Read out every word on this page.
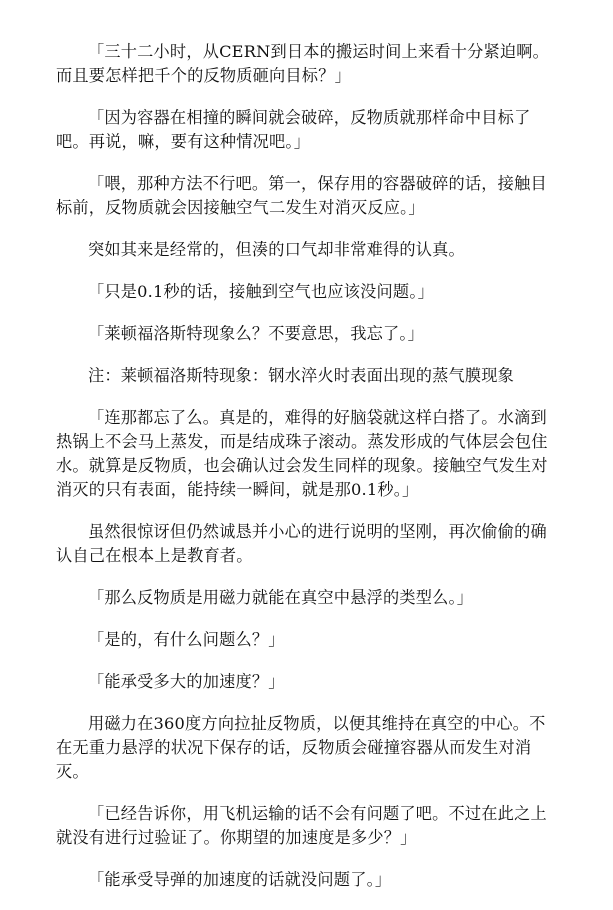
「三十二小时，从CERN到日本的搬运时间上来看十分紧迫啊。而且要怎样把千个的反物质砸向目标？」

「因为容器在相撞的瞬间就会破碎，反物质就那样命中目标了吧。再说，嘛，要有这种情况吧。」

「喂，那种方法不行吧。第一，保存用的容器破碎的话，接触目标前，反物质就会因接触空气二发生对消灭反应。」

突如其来是经常的，但湊的口气却非常难得的认真。

「只是0.1秒的话，接触到空气也应该没问题。」

「莱顿福洛斯特现象么？不要意思，我忘了。」

注：莱顿福洛斯特现象：钢水淬火时表面出现的蒸气膜现象

「连那都忘了么。真是的，难得的好脑袋就这样白搭了。水滴到热锅上不会马上蒸发，而是结成珠子滚动。蒸发形成的气体层会包住水。就算是反物质，也会确认过会发生同样的现象。接触空气发生对消灭的只有表面，能持续一瞬间，就是那0.1秒。」

虽然很惊讶但仍然诚恳并小心的进行说明的坚刚，再次偷偷的确认自己在根本上是教育者。

「那么反物质是用磁力就能在真空中悬浮的类型么。」

「是的，有什么问题么？」

「能承受多大的加速度？」

用磁力在360度方向拉扯反物质，以便其维持在真空的中心。不在无重力悬浮的状况下保存的话，反物质会碰撞容器从而发生对消灭。

「已经告诉你，用飞机运输的话不会有问题了吧。不过在此之上就没有进行过验证了。你期望的加速度是多少？」

「能承受导弹的加速度的话就没问题了。」
